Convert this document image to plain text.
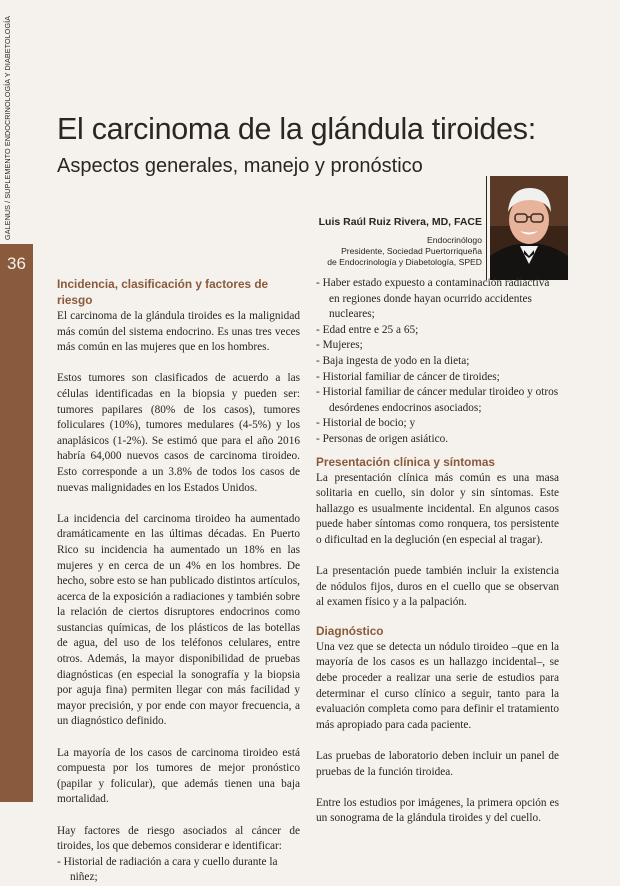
GALENUS / SUPLEMENTO ENDOCRINOLOGÍA Y DIABETOLOGÍA
36
El carcinoma de la glándula tiroides:
Aspectos generales, manejo y pronóstico
Luis Raúl Ruiz Rivera, MD, FACE
Endocrinólogo
Presidente, Sociedad Puertorriqueña
de Endocrinología y Diabetología, SPED
Incidencia, clasificación y factores de riesgo

El carcinoma de la glándula tiroides es la malignidad más común del sistema endocrino. Es unas tres veces más común en las mujeres que en los hombres.

Estos tumores son clasificados de acuerdo a las células identificadas en la biopsia y pueden ser: tumores papilares (80% de los casos), tumores foliculares (10%), tumores medulares (4-5%) y los anaplásicos (1-2%). Se estimó que para el año 2016 habría 64,000 nuevos casos de carcinoma tiroideo. Esto corresponde a un 3.8% de todos los casos de nuevas malignidades en los Estados Unidos.

La incidencia del carcinoma tiroideo ha aumentado dramáticamente en las últimas décadas. En Puerto Rico su incidencia ha aumentado un 18% en las mujeres y en cerca de un 4% en los hombres. De hecho, sobre esto se han publicado distintos artículos, acerca de la exposición a radiaciones y también sobre la relación de ciertos disruptores endocrinos como sustancias químicas, de los plásticos de las botellas de agua, del uso de los teléfonos celulares, entre otros. Además, la mayor disponibilidad de pruebas diagnósticas (en especial la sonografía y la biopsia por aguja fina) permiten llegar con más facilidad y mayor precisión, y por ende con mayor frecuencia, a un diagnóstico definido.

La mayoría de los casos de carcinoma tiroideo está compuesta por los tumores de mejor pronóstico (papilar y folicular), que además tienen una baja mortalidad.

Hay factores de riesgo asociados al cáncer de tiroides, los que debemos considerar e identificar:

- Historial de radiación a cara y cuello durante la niñez;
- Haber estado expuesto a contaminación radiactiva en regiones donde hayan ocurrido accidentes nucleares;
- Edad entre e 25 a 65;
- Mujeres;
- Baja ingesta de yodo en la dieta;
- Historial familiar de cáncer de tiroides;
- Historial familiar de cáncer medular tiroideo y otros desórdenes endocrinos asociados;
- Historial de bocio; y
- Personas de origen asiático.
Presentación clínica y síntomas

La presentación clínica más común es una masa solitaria en cuello, sin dolor y sin síntomas. Este hallazgo es usualmente incidental. En algunos casos puede haber síntomas como ronquera, tos persistente o dificultad en la deglución (en especial al tragar).

La presentación puede también incluir la existencia de nódulos fijos, duros en el cuello que se observan al examen físico y a la palpación.

Diagnóstico

Una vez que se detecta un nódulo tiroideo –que en la mayoría de los casos es un hallazgo incidental–, se debe proceder a realizar una serie de estudios para determinar el curso clínico a seguir, tanto para la evaluación completa como para definir el tratamiento más apropiado para cada paciente.

Las pruebas de laboratorio deben incluir un panel de pruebas de la función tiroidea.

Entre los estudios por imágenes, la primera opción es un sonograma de la glándula tiroides y del cuello.
